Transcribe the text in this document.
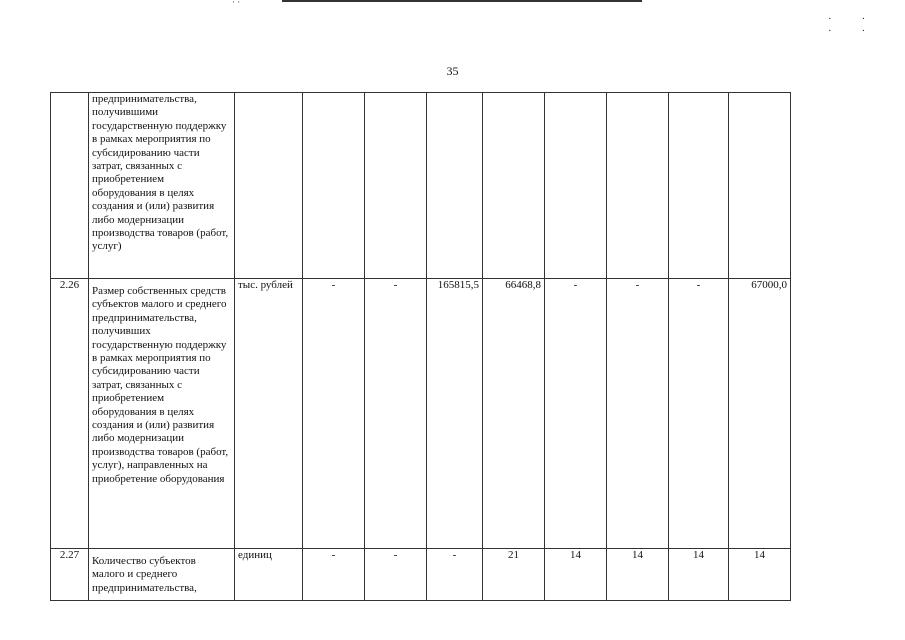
· ·
·· ··
35
	предпринимательства, получившими государственную поддержку в рамках мероприятия по субсидированию части затрат, связанных с приобретением оборудования в целях создания и (или) развития либо модернизации производства товаров (работ, услуг)									
2.26	Размер собственных средств субъектов малого и среднего предпринимательства, получивших государственную поддержку в рамках мероприятия по субсидированию части затрат, связанных с приобретением оборудования в целях создания и (или) развития либо модернизации производства товаров (работ, услуг), направленных на приобретение оборудования	тыс. рублей	-	-	165815,5	66468,8	-	-	-	67000,0
2.27	Количество субъектов малого и среднего предпринимательства,	единиц	-	-	-	21	14	14	14	14
